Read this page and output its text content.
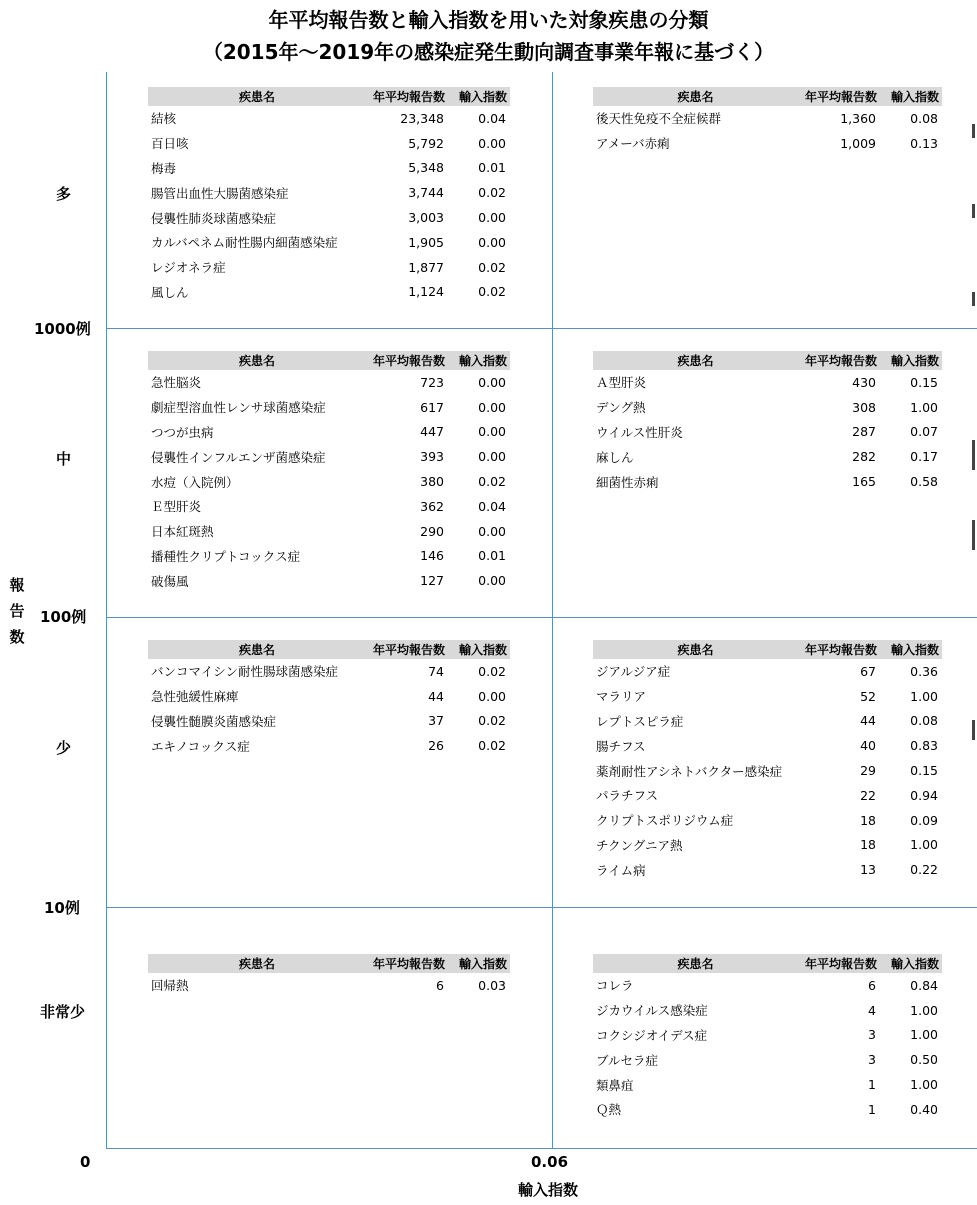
年平均報告数と輸入指数を用いた対象疾患の分類
（2015年～2019年の感染症発生動向調査事業年報に基づく）
多
中
少
非常少
1000例
100例
10例
0
報
告
数
0.06
輸入指数
疾患名	年平均報告数	輸入指数
結核	23,348	0.04
百日咳	5,792	0.00
梅毒	5,348	0.01
腸管出血性大腸菌感染症	3,744	0.02
侵襲性肺炎球菌感染症	3,003	0.00
カルバペネム耐性腸内細菌感染症	1,905	0.00
レジオネラ症	1,877	0.02
風しん	1,124	0.02
疾患名	年平均報告数	輸入指数
後天性免疫不全症候群	1,360	0.08
アメーバ赤痢	1,009	0.13
疾患名	年平均報告数	輸入指数
急性脳炎	723	0.00
劇症型溶血性レンサ球菌感染症	617	0.00
つつが虫病	447	0.00
侵襲性インフルエンザ菌感染症	393	0.00
水痘（入院例）	380	0.02
Ｅ型肝炎	362	0.04
日本紅斑熱	290	0.00
播種性クリプトコックス症	146	0.01
破傷風	127	0.00
疾患名	年平均報告数	輸入指数
Ａ型肝炎	430	0.15
デング熱	308	1.00
ウイルス性肝炎	287	0.07
麻しん	282	0.17
細菌性赤痢	165	0.58
疾患名	年平均報告数	輸入指数
バンコマイシン耐性腸球菌感染症	74	0.02
急性弛緩性麻痺	44	0.00
侵襲性髄膜炎菌感染症	37	0.02
エキノコックス症	26	0.02
疾患名	年平均報告数	輸入指数
ジアルジア症	67	0.36
マラリア	52	1.00
レプトスピラ症	44	0.08
腸チフス	40	0.83
薬剤耐性アシネトバクター感染症	29	0.15
パラチフス	22	0.94
クリプトスポリジウム症	18	0.09
チクングニア熱	18	1.00
ライム病	13	0.22
疾患名	年平均報告数	輸入指数
回帰熱	6	0.03
疾患名	年平均報告数	輸入指数
コレラ	6	0.84
ジカウイルス感染症	4	1.00
コクシジオイデス症	3	1.00
ブルセラ症	3	0.50
類鼻疽	1	1.00
Ｑ熱	1	0.40
